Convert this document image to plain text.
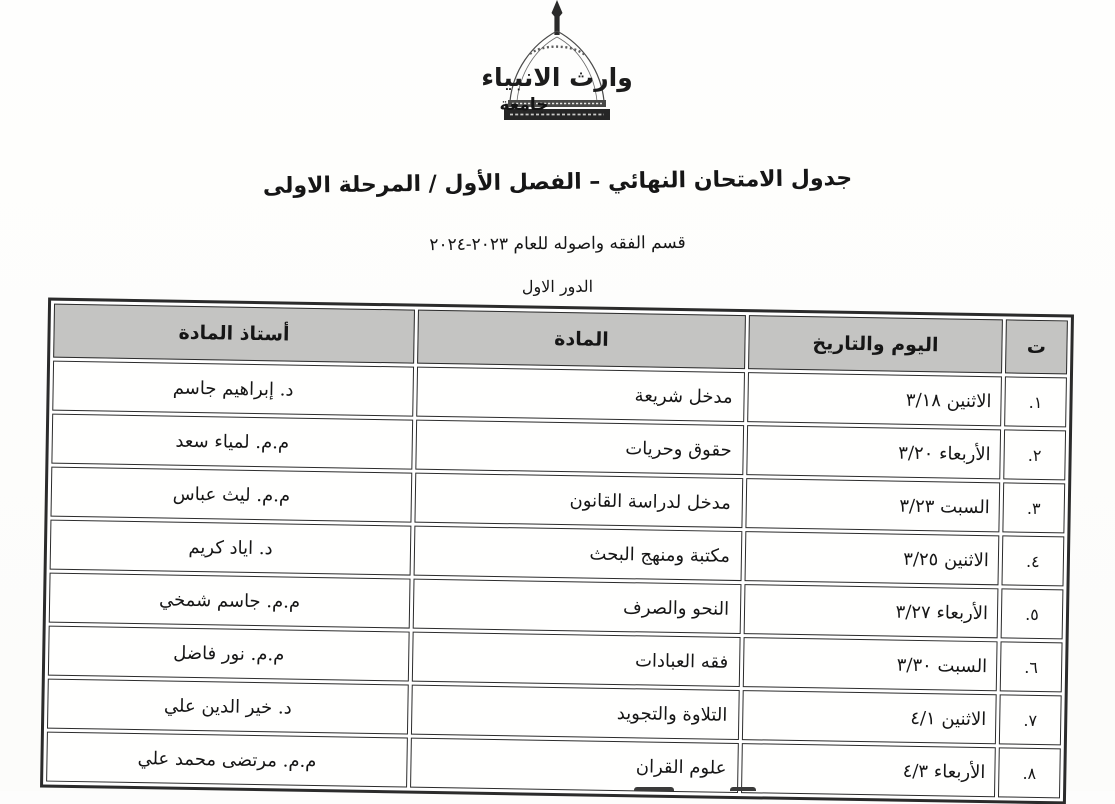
وارث الانبياء
جامعة
جدول الامتحان النهائي – الفصل الأول / المرحلة الاولى
قسم الفقه واصوله للعام ٢٠٢٣-٢٠٢٤
الدور الاول
ت	اليوم والتاريخ	المادة	أستاذ المادة
١.	الاثنين ٣/١٨	مدخل شريعة	د. إبراهيم جاسم
٢.	الأربعاء ٣/٢٠	حقوق وحريات	م.م. لمياء سعد
٣.	السبت ٣/٢٣	مدخل لدراسة القانون	م.م. ليث عباس
٤.	الاثنين ٣/٢٥	مكتبة ومنهج البحث	د. اياد كريم
٥.	الأربعاء ٣/٢٧	النحو والصرف	م.م. جاسم شمخي
٦.	السبت ٣/٣٠	فقه العبادات	م.م. نور فاضل
٧.	الاثنين ٤/١	التلاوة والتجويد	د. خير الدين علي
٨.	الأربعاء ٤/٣	علوم القران	م.م. مرتضى محمد علي
